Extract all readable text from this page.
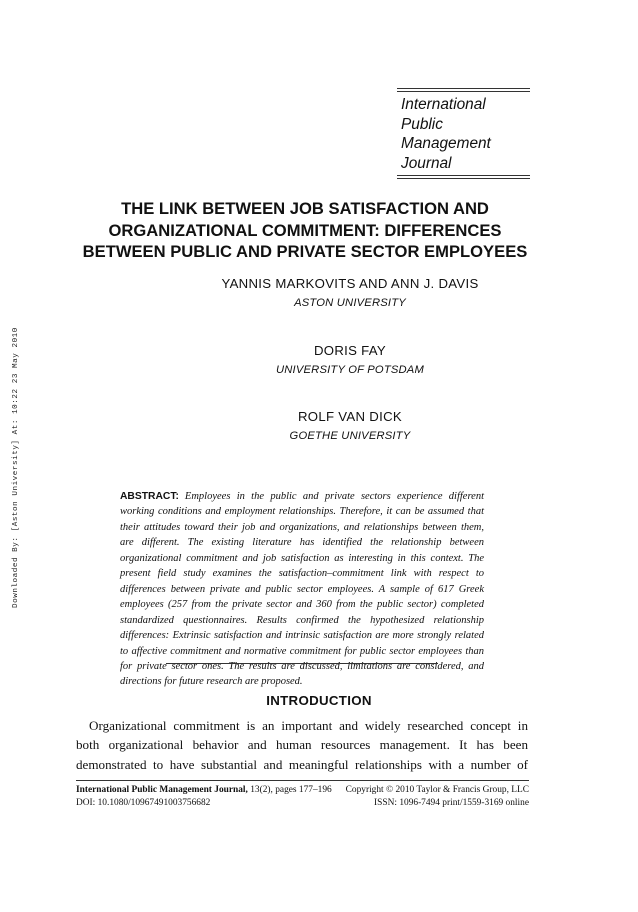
Downloaded By: [Aston University] At: 10:22 23 May 2010
International
Public
Management
Journal
THE LINK BETWEEN JOB SATISFACTION AND
ORGANIZATIONAL COMMITMENT: DIFFERENCES
BETWEEN PUBLIC AND PRIVATE SECTOR EMPLOYEES
YANNIS MARKOVITS AND ANN J. DAVIS
ASTON UNIVERSITY
DORIS FAY
UNIVERSITY OF POTSDAM
ROLF VAN DICK
GOETHE UNIVERSITY
ABSTRACT: Employees in the public and private sectors experience different working conditions and employment relationships. Therefore, it can be assumed that their attitudes toward their job and organizations, and relationships between them, are different. The existing literature has identified the relationship between organizational commitment and job satisfaction as interesting in this context. The present field study examines the satisfaction–commitment link with respect to differences between private and public sector employees. A sample of 617 Greek employees (257 from the private sector and 360 from the public sector) completed standardized questionnaires. Results confirmed the hypothesized relationship differences: Extrinsic satisfaction and intrinsic satisfaction are more strongly related to affective commitment and normative commitment for public sector employees than for private sector ones. The results are discussed, limitations are considered, and directions for future research are proposed.
INTRODUCTION
Organizational commitment is an important and widely researched concept in
both organizational behavior and human resources management. It has been
demonstrated to have substantial and meaningful relationships with a number of
International Public Management Journal, 13(2), pages 177–196 Copyright © 2010 Taylor & Francis Group, LLC
DOI: 10.1080/10967491003756682	ISSN: 1096-7494 print/1559-3169 online
